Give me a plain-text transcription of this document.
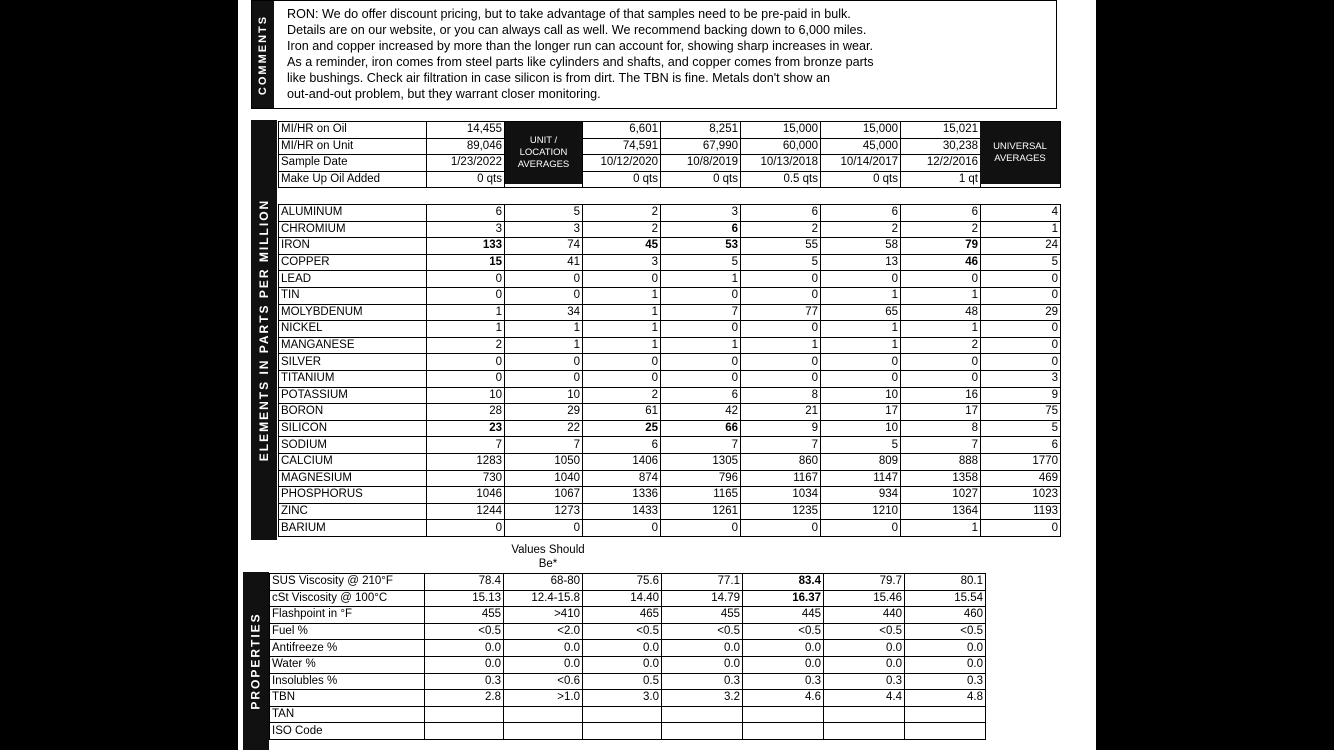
COMMENTS
RON: We do offer discount pricing, but to take advantage of that samples need to be pre-paid in bulk.
Details are on our website, or you can always call as well. We recommend backing down to 6,000 miles.
Iron and copper increased by more than the longer run can account for, showing sharp increases in wear.
As a reminder, iron comes from steel parts like cylinders and shafts, and copper comes from bronze parts
like bushings. Check air filtration in case silicon is from dirt. The TBN is fine. Metals don't show an
out-and-out problem, but they warrant closer monitoring.
ELEMENTS IN PARTS PER MILLION
MI/HR on Oil	14,455		6,601	8,251	15,000	15,000	15,021	
MI/HR on Unit	89,046		74,591	67,990	60,000	45,000	30,238	
Sample Date	1/23/2022		10/12/2020	10/8/2019	10/13/2018	10/14/2017	12/2/2016	
Make Up Oil Added	0 qts		0 qts	0 qts	0.5 qts	0 qts	1 qt	
UNIT / LOCATION AVERAGES
UNIVERSAL AVERAGES
ALUMINUM	6	5	2	3	6	6	6	4
CHROMIUM	3	3	2	6	2	2	2	1
IRON	133	74	45	53	55	58	79	24
COPPER	15	41	3	5	5	13	46	5
LEAD	0	0	0	1	0	0	0	0
TIN	0	0	1	0	0	1	1	0
MOLYBDENUM	1	34	1	7	77	65	48	29
NICKEL	1	1	1	0	0	1	1	0
MANGANESE	2	1	1	1	1	1	2	0
SILVER	0	0	0	0	0	0	0	0
TITANIUM	0	0	0	0	0	0	0	3
POTASSIUM	10	10	2	6	8	10	16	9
BORON	28	29	61	42	21	17	17	75
SILICON	23	22	25	66	9	10	8	5
SODIUM	7	7	6	7	7	5	7	6
CALCIUM	1283	1050	1406	1305	860	809	888	1770
MAGNESIUM	730	1040	874	796	1167	1147	1358	469
PHOSPHORUS	1046	1067	1336	1165	1034	934	1027	1023
ZINC	1244	1273	1433	1261	1235	1210	1364	1193
BARIUM	0	0	0	0	0	0	1	0
Values Should Be*
PROPERTIES
SUS Viscosity @ 210°F	78.4	68-80	75.6	77.1	83.4	79.7	80.1
cSt Viscosity @ 100°C	15.13	12.4-15.8	14.40	14.79	16.37	15.46	15.54
Flashpoint in °F	455	>410	465	455	445	440	460
Fuel %	<0.5	<2.0	<0.5	<0.5	<0.5	<0.5	<0.5
Antifreeze %	0.0	0.0	0.0	0.0	0.0	0.0	0.0
Water %	0.0	0.0	0.0	0.0	0.0	0.0	0.0
Insolubles %	0.3	<0.6	0.5	0.3	0.3	0.3	0.3
TBN	2.8	>1.0	3.0	3.2	4.6	4.4	4.8
TAN							
ISO Code							
